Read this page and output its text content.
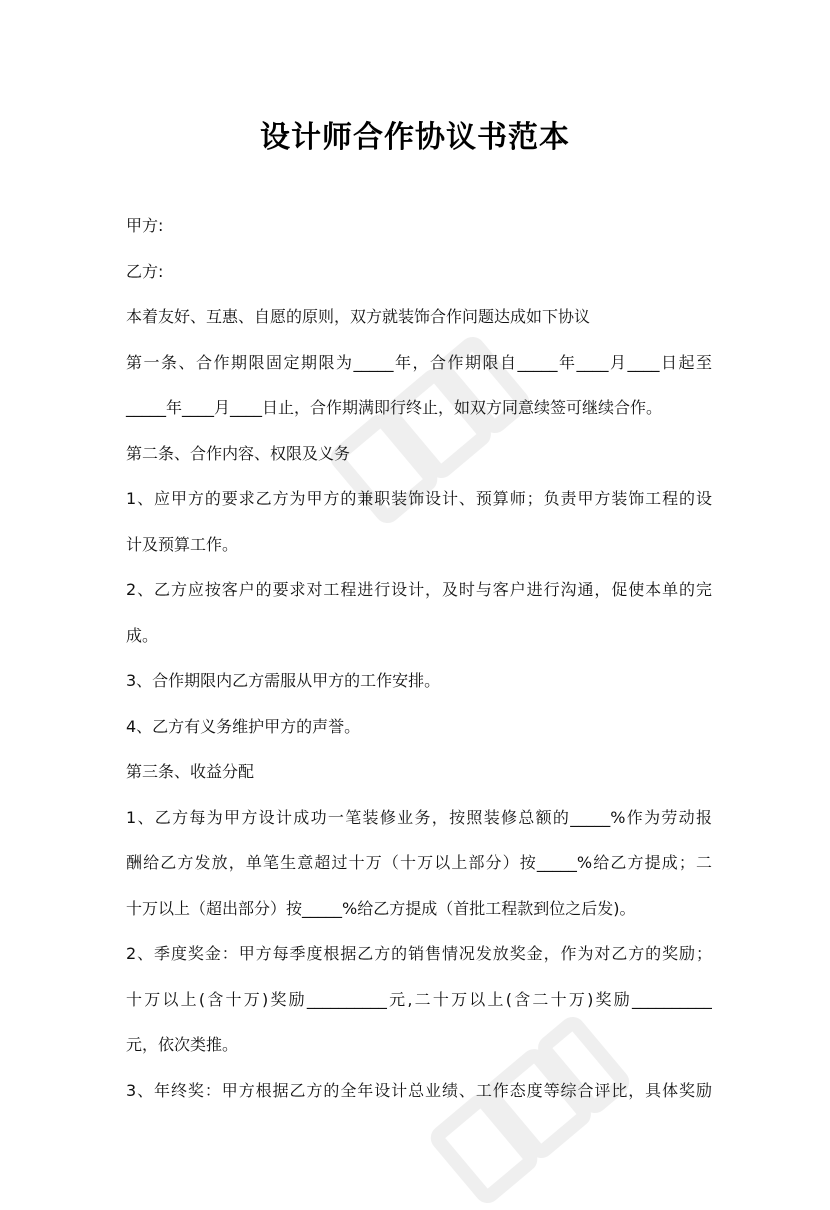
设计师合作协议书范本
甲方:
乙方:
本着友好、互惠、自愿的原则，双方就装饰合作问题达成如下协议
第一条、合作期限固定期限为_____年，合作期限自_____年____月____日起至
_____年____月____日止，合作期满即行终止，如双方同意续签可继续合作。
第二条、合作内容、权限及义务
1、应甲方的要求乙方为甲方的兼职装饰设计、预算师；负责甲方装饰工程的设
计及预算工作。
2、乙方应按客户的要求对工程进行设计，及时与客户进行沟通，促使本单的完
成。
3、合作期限内乙方需服从甲方的工作安排。
4、乙方有义务维护甲方的声誉。
第三条、收益分配
1、乙方每为甲方设计成功一笔装修业务，按照装修总额的_____%作为劳动报
酬给乙方发放，单笔生意超过十万（十万以上部分）按_____%给乙方提成；二
十万以上（超出部分）按_____%给乙方提成（首批工程款到位之后发)。
2、季度奖金：甲方每季度根据乙方的销售情况发放奖金，作为对乙方的奖励；
十万以上(含十万)奖励__________元,二十万以上(含二十万)奖励__________
元，依次类推。
3、年终奖：甲方根据乙方的全年设计总业绩、工作态度等综合评比，具体奖励
